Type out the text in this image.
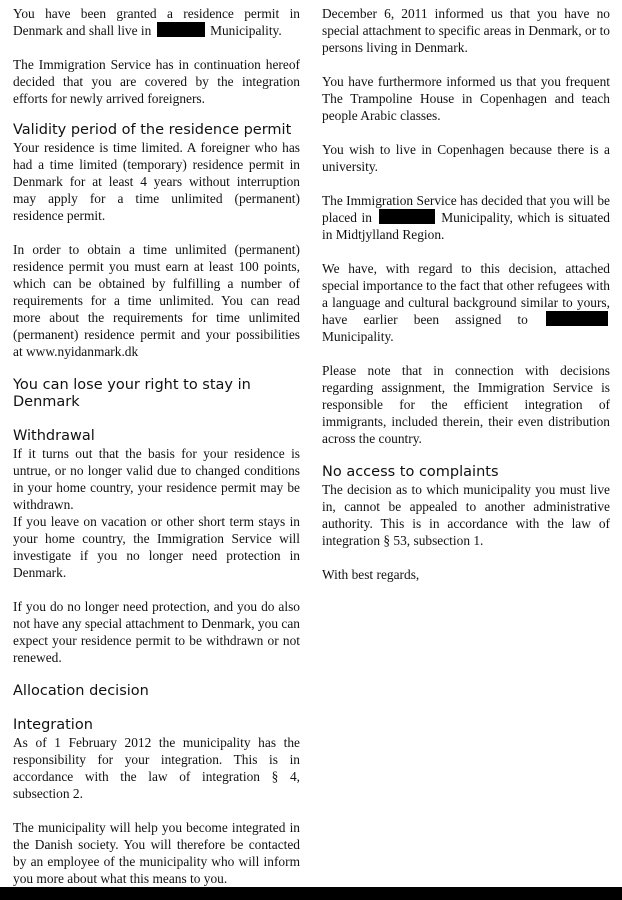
You have been granted a residence permit in Denmark and shall live in	Municipality.

The Immigration Service has in continuation hereof decided that you are covered by the integration efforts for newly arrived foreigners.

Validity period of the residence permit

Your residence is time limited. A foreigner who has had a time limited (temporary) residence permit in Denmark for at least 4 years without interruption may apply for a time unlimited (permanent) residence permit.

In order to obtain a time unlimited (permanent) residence permit you must earn at least 100 points, which can be obtained by fulfilling a number of requirements for a time unlimited. You can read more about the requirements for time unlimited (permanent) residence permit and your possibilities at www.nyidanmark.dk

You can lose your right to stay in Denmark
Withdrawal

If it turns out that the basis for your residence is untrue, or no longer valid due to changed conditions in your home country, your residence permit may be withdrawn.

If you leave on vacation or other short term stays in your home country, the Immigration Service will investigate if you no longer need protection in Denmark.

If you do no longer need protection, and you do also not have any special attachment to Denmark, you can expect your residence permit to be withdrawn or not renewed.

Allocation decision
Integration

As of 1 February 2012 the municipality has the responsibility for your integration. This is in accordance with the law of integration § 4, subsection 2.

The municipality will help you become integrated in the Danish society. You will therefore be contacted by an employee of the municipality who will inform you more about what this means to you.

December 6, 2011 informed us that you have no special attachment to specific areas in Denmark, or to persons living in Denmark.

You have furthermore informed us that you frequent The Trampoline House in Copenhagen and teach people Arabic classes.

You wish to live in Copenhagen because there is a university.

The Immigration Service has decided that you will be placed in	Municipality, which is situated in Midtjylland Region.

We have, with regard to this decision, attached special importance to the fact that other refugees with a language and cultural background similar to yours, have earlier been assigned to  Municipality.

Please note that in connection with decisions regarding assignment, the Immigration Service is responsible for the efficient integration of immigrants, included therein, their even distribution across the country.

No access to complaints

The decision as to which municipality you must live in, cannot be appealed to another administrative authority. This is in accordance with the law of integration § 53, subsection 1.

With best regards,
